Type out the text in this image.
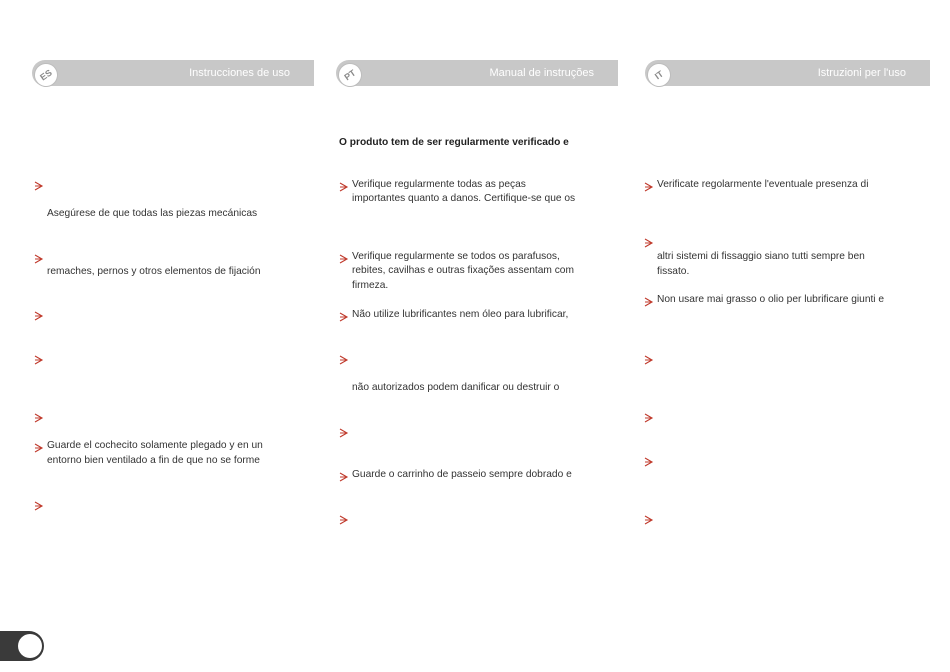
ES	Instrucciones de uso
Asegúrese de que todas las piezas mecánicas
remaches, pernos y otros elementos de fijación
Guarde el cochecito solamente plegado y en un
entorno bien ventilado a fin de que no se forme
PT	Manual de instruções
O produto tem de ser regularmente verificado e
Verifique regularmente todas as peças
importantes quanto a danos. Certifique-se que os
Verifique regularmente se todos os parafusos,
rebites, cavilhas e outras fixações assentam com
firmeza.
Não utilize lubrificantes nem óleo para lubrificar,
não autorizados podem danificar ou destruir o
Guarde o carrinho de passeio sempre dobrado e
IT	Istruzioni per l'uso
Verificate regolarmente l'eventuale presenza di
altri sistemi di fissaggio siano tutti sempre ben
fissato.
Non usare mai grasso o olio per lubrificare giunti e
